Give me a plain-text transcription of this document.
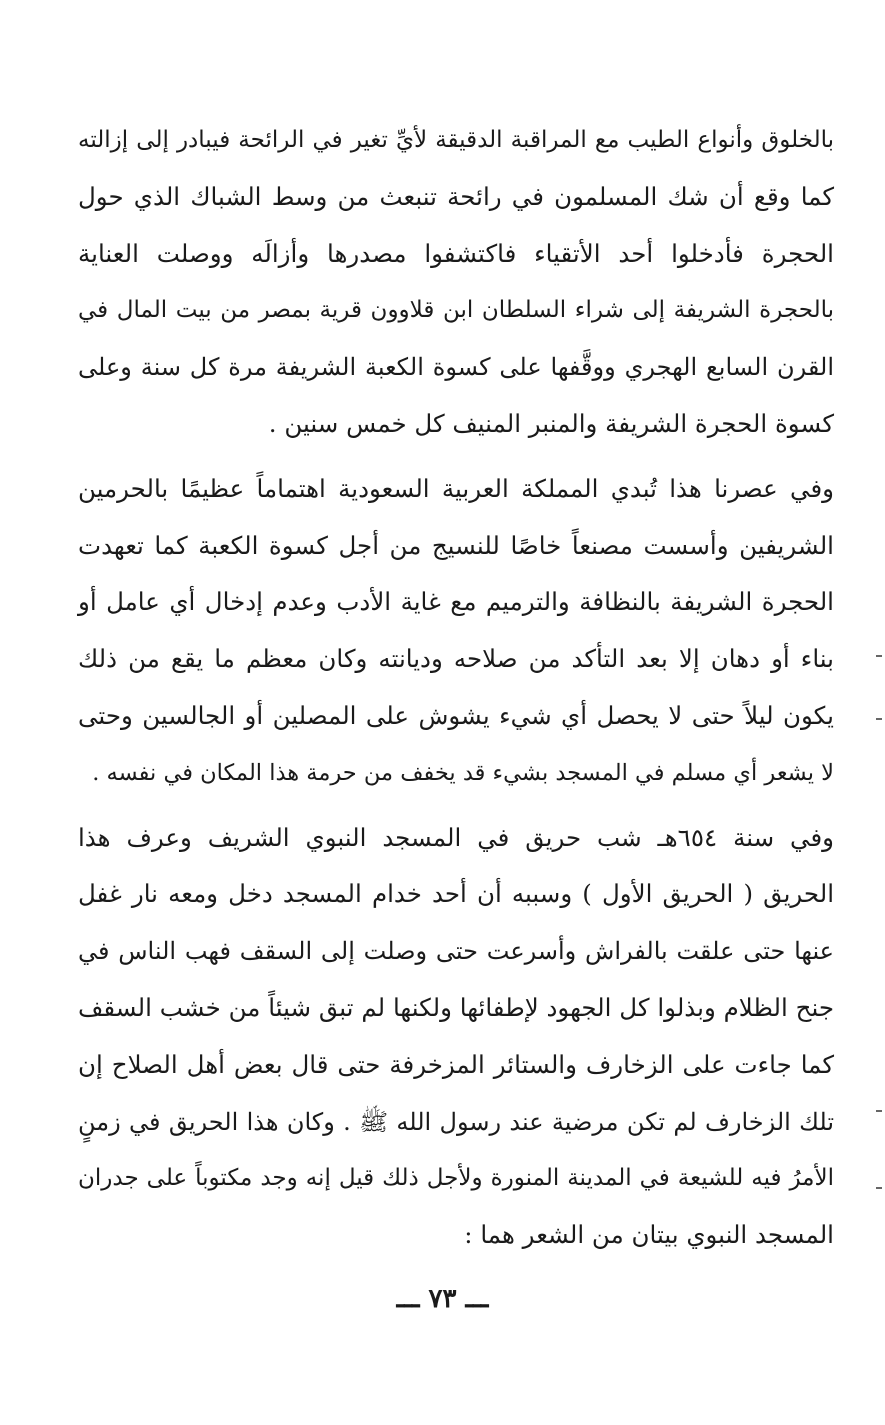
بالخلوق وأنواع الطيب مع المراقبة الدقيقة لأيِّ تغير في الرائحة فيبادر إلى إزالته
كما وقع أن شك المسلمون في رائحة تنبعث من وسط الشباك الذي حول
الحجرة فأدخلوا أحد الأتقياء فاكتشفوا مصدرها وأزالَه ووصلت العناية
بالحجرة الشريفة إلى شراء السلطان ابن قلاوون قرية بمصر من بيت المال في
القرن السابع الهجري ووقَّفها على كسوة الكعبة الشريفة مرة كل سنة وعلى
كسوة الحجرة الشريفة والمنبر المنيف كل خمس سنين .
وفي عصرنا هذا تُبدي المملكة العربية السعودية اهتماماً عظيمًا بالحرمين
الشريفين وأسست مصنعاً خاصًا للنسيج من أجل كسوة الكعبة كما تعهدت
الحجرة الشريفة بالنظافة والترميم مع غاية الأدب وعدم إدخال أي عامل أو
بناء أو دهان إلا بعد التأكد من صلاحه وديانته وكان معظم ما يقع من ذلك
يكون ليلاً حتى لا يحصل أي شيء يشوش على المصلين أو الجالسين وحتى
لا يشعر أي مسلم في المسجد بشيء قد يخفف من حرمة هذا المكان في نفسه .
وفي سنة ٦٥٤هـ شب حريق في المسجد النبوي الشريف وعرف هذا
الحريق ( الحريق الأول ) وسببه أن أحد خدام المسجد دخل ومعه نار غفل
عنها حتى علقت بالفراش وأسرعت حتى وصلت إلى السقف فهب الناس في
جنح الظلام وبذلوا كل الجهود لإطفائها ولكنها لم تبق شيئاً من خشب السقف
كما جاءت على الزخارف والستائر المزخرفة حتى قال بعض أهل الصلاح إن
تلك الزخارف لم تكن مرضية عند رسول الله ﷺ . وكان هذا الحريق في زمنٍ
الأمرُ فيه للشيعة في المدينة المنورة ولأجل ذلك قيل إنه وجد مكتوباً على جدران
المسجد النبوي بيتان من الشعر هما :
ـــ ٧٣ ـــ
